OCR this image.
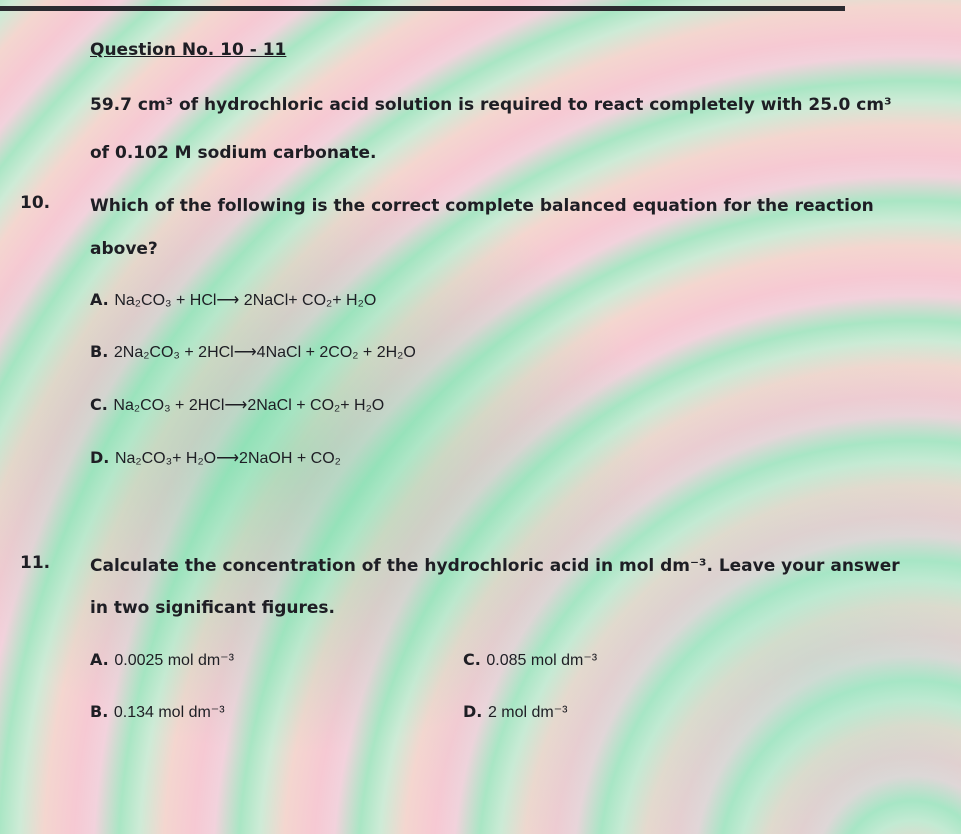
Question No. 10 - 11
59.7 cm³ of hydrochloric acid solution is required to react completely with 25.0 cm³
of 0.102 M sodium carbonate.
10. Which of the following is the correct complete balanced equation for the reaction
above?
A. Na₂CO₃ + HCl⟶ 2NaCl+ CO₂+ H₂O
B. 2Na₂CO₃ + 2HCl⟶4NaCl + 2CO₂ + 2H₂O
C. Na₂CO₃ + 2HCl⟶2NaCl + CO₂+ H₂O
D. Na₂CO₃+ H₂O⟶2NaOH + CO₂
11. Calculate the concentration of the hydrochloric acid in mol dm⁻³. Leave your answer
in two significant figures.
A. 0.0025 mol dm⁻³
B. 0.134 mol dm⁻³
C. 0.085 mol dm⁻³
D. 2 mol dm⁻³
